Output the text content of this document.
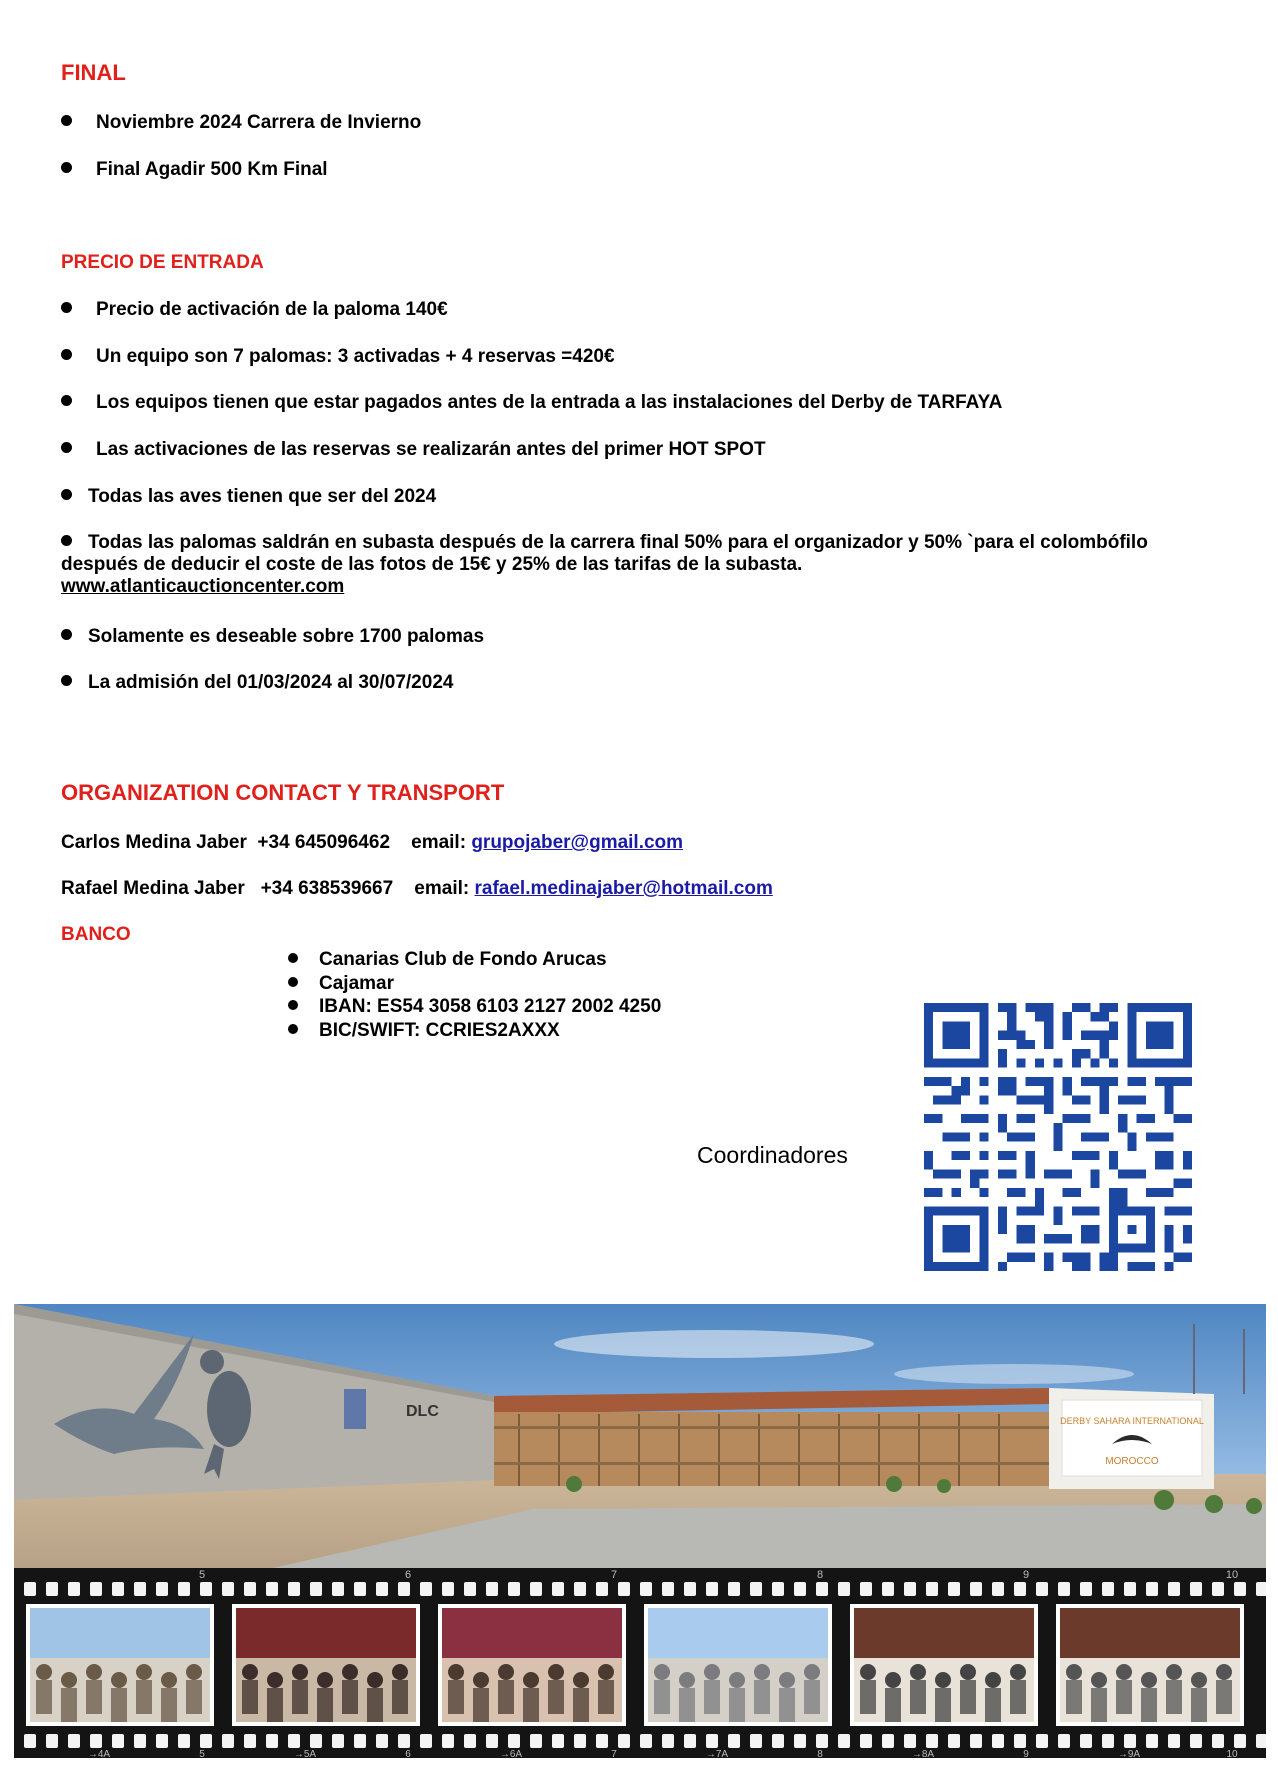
FINAL
Noviembre 2024 Carrera de Invierno
Final Agadir 500 Km Final
PRECIO DE ENTRADA
Precio de activación de la paloma 140€
Un equipo son 7 palomas: 3 activadas + 4 reservas =420€
Los equipos tienen que estar pagados antes de la entrada a las instalaciones del Derby de TARFAYA
Las activaciones de las reservas se realizarán antes del primer HOT SPOT
Todas las aves tienen que ser del 2024
Todas las palomas saldrán en subasta después de la carrera final 50% para el organizador y 50% `para el colombófilo después de deducir el coste de las fotos de 15€ y 25% de las tarifas de la subasta.
www.atlanticauctioncenter.com
Solamente es deseable sobre 1700 palomas
La admisión del 01/03/2024 al 30/07/2024
ORGANIZATION CONTACT Y TRANSPORT
Carlos Medina Jaber  +34 645096462    email: grupojaber@gmail.com
Rafael Medina Jaber   +34 638539667    email: rafael.medinajaber@hotmail.com
BANCO
Canarias Club de Fondo Arucas
Cajamar
IBAN: ES54 3058 6103 2127 2002 4250
BIC/SWIFT: CCRIES2AXXX
Coordinadores
DLC
DERBY SAHARA INTERNATIONAL
MOROCCO
5	6	7	8	9	10
→4A	5	→5A	6	→6A	7	→7A	8	→8A	9	→9A	10
